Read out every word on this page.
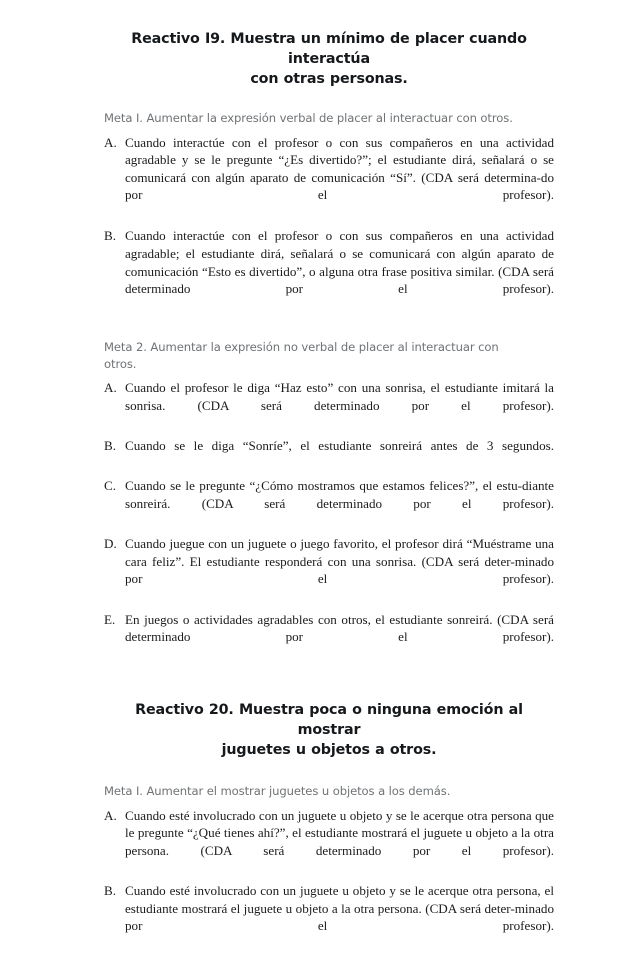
Reactivo I9. Muestra un mínimo de placer cuando interactúa
con otras personas.
Meta I. Aumentar la expresión verbal de placer al interactuar con otros.
A. Cuando interactúe con el profesor o con sus compañeros en una actividad agradable y se le pregunte “¿Es divertido?”; el estudiante dirá, señalará o se comunicará con algún aparato de comunicación “Sí”. (CDA será determina-do por el profesor).
B. Cuando interactúe con el profesor o con sus compañeros en una actividad agradable; el estudiante dirá, señalará o se comunicará con algún aparato de comunicación “Esto es divertido”, o alguna otra frase positiva similar. (CDA será determinado por el profesor).
Meta 2. Aumentar la expresión no verbal de placer al interactuar con
otros.
A. Cuando el profesor le diga “Haz esto” con una sonrisa, el estudiante imitará la sonrisa. (CDA será determinado por el profesor).
B. Cuando se le diga “Sonríe”, el estudiante sonreirá antes de 3 segundos.
C. Cuando se le pregunte “¿Cómo mostramos que estamos felices?”, el estu-diante sonreirá. (CDA será determinado por el profesor).
D. Cuando juegue con un juguete o juego favorito, el profesor dirá “Muéstrame una cara feliz”. El estudiante responderá con una sonrisa. (CDA será deter-minado por el profesor).
E. En juegos o actividades agradables con otros, el estudiante sonreirá. (CDA será determinado por el profesor).
Reactivo 20. Muestra poca o ninguna emoción al mostrar
juguetes u objetos a otros.
Meta I. Aumentar el mostrar juguetes u objetos a los demás.
A. Cuando esté involucrado con un juguete u objeto y se le acerque otra persona que le pregunte “¿Qué tienes ahí?”, el estudiante mostrará el juguete u objeto a la otra persona. (CDA será determinado por el profesor).
B. Cuando esté involucrado con un juguete u objeto y se le acerque otra persona, el estudiante mostrará el juguete u objeto a la otra persona. (CDA será deter-minado por el profesor).
